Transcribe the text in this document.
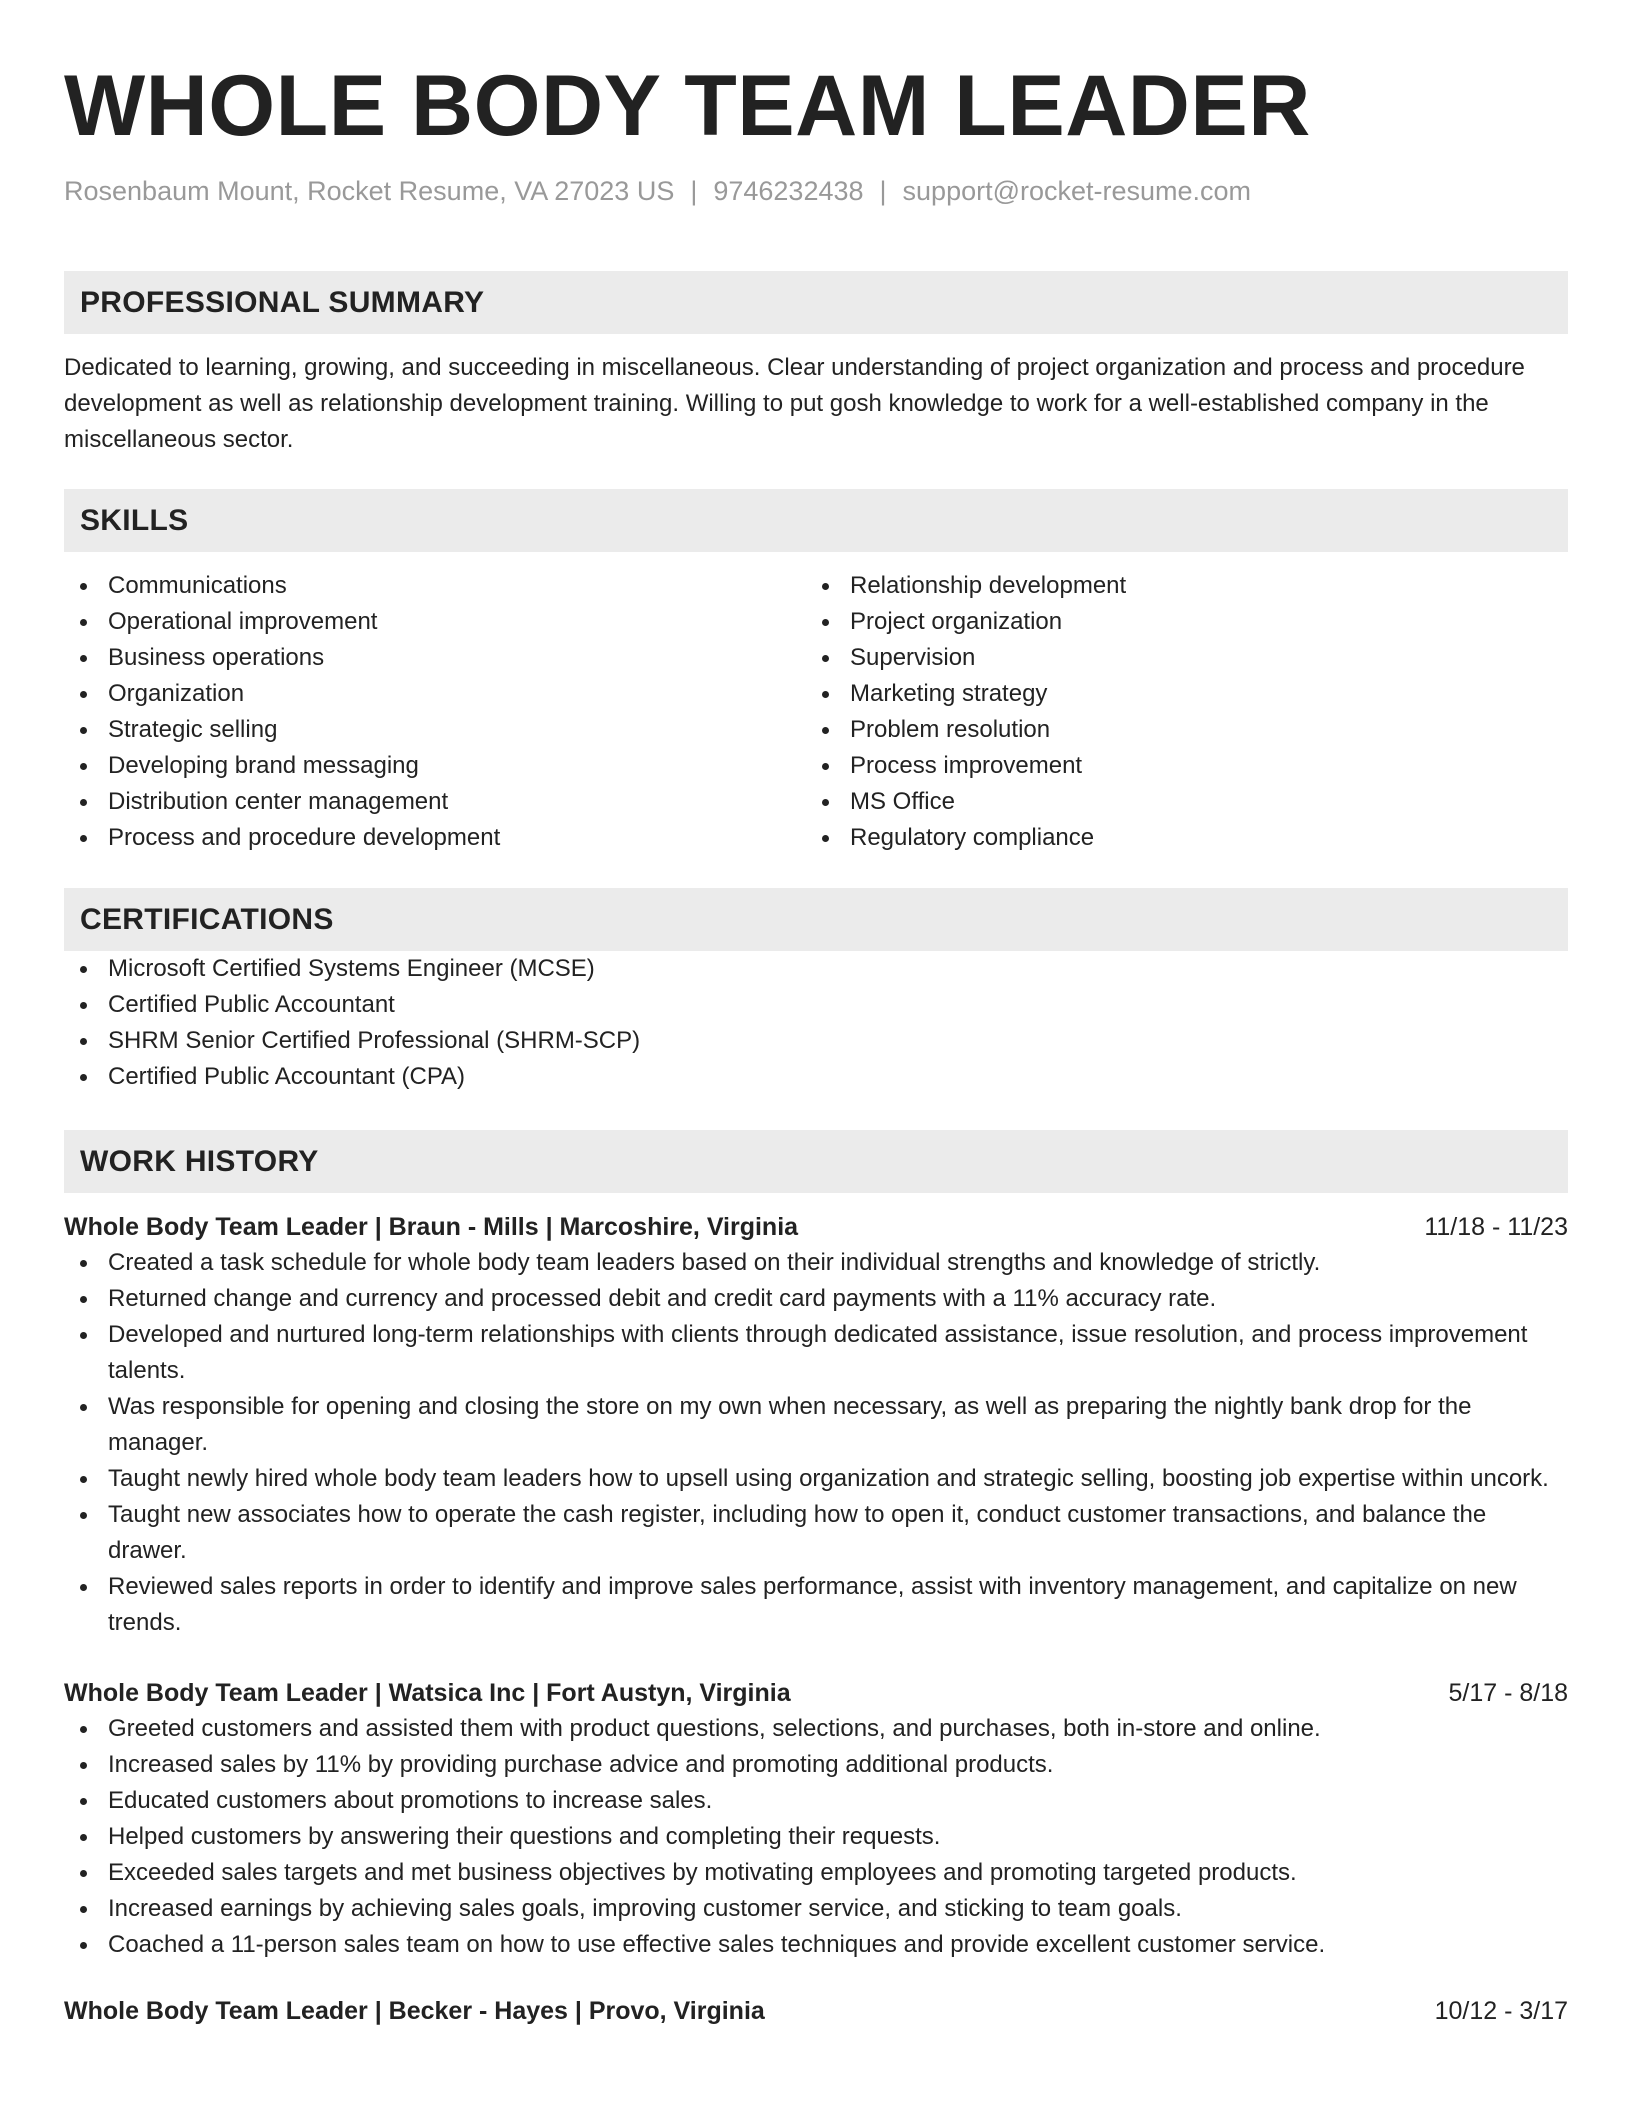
WHOLE BODY TEAM LEADER
Rosenbaum Mount, Rocket Resume, VA 27023 US | 9746232438 | support@rocket-resume.com
PROFESSIONAL SUMMARY

Dedicated to learning, growing, and succeeding in miscellaneous. Clear understanding of project organization and process and procedure development as well as relationship development training. Willing to put gosh knowledge to work for a well-established company in the miscellaneous sector.

SKILLS
Communications
Operational improvement
Business operations
Organization
Strategic selling
Developing brand messaging
Distribution center management
Process and procedure development
Relationship development
Project organization
Supervision
Marketing strategy
Problem resolution
Process improvement
MS Office
Regulatory compliance
CERTIFICATIONS
Microsoft Certified Systems Engineer (MCSE)
Certified Public Accountant
SHRM Senior Certified Professional (SHRM-SCP)
Certified Public Accountant (CPA)
WORK HISTORY
Whole Body Team Leader | Braun - Mills | Marcoshire, Virginia	11/18 - 11/23
Created a task schedule for whole body team leaders based on their individual strengths and knowledge of strictly.
Returned change and currency and processed debit and credit card payments with a 11% accuracy rate.
Developed and nurtured long-term relationships with clients through dedicated assistance, issue resolution, and process improvement talents.
Was responsible for opening and closing the store on my own when necessary, as well as preparing the nightly bank drop for the manager.
Taught newly hired whole body team leaders how to upsell using organization and strategic selling, boosting job expertise within uncork.
Taught new associates how to operate the cash register, including how to open it, conduct customer transactions, and balance the drawer.
Reviewed sales reports in order to identify and improve sales performance, assist with inventory management, and capitalize on new trends.
Whole Body Team Leader | Watsica Inc | Fort Austyn, Virginia	5/17 - 8/18
Greeted customers and assisted them with product questions, selections, and purchases, both in-store and online.
Increased sales by 11% by providing purchase advice and promoting additional products.
Educated customers about promotions to increase sales.
Helped customers by answering their questions and completing their requests.
Exceeded sales targets and met business objectives by motivating employees and promoting targeted products.
Increased earnings by achieving sales goals, improving customer service, and sticking to team goals.
Coached a 11-person sales team on how to use effective sales techniques and provide excellent customer service.
Whole Body Team Leader | Becker - Hayes | Provo, Virginia	10/12 - 3/17
